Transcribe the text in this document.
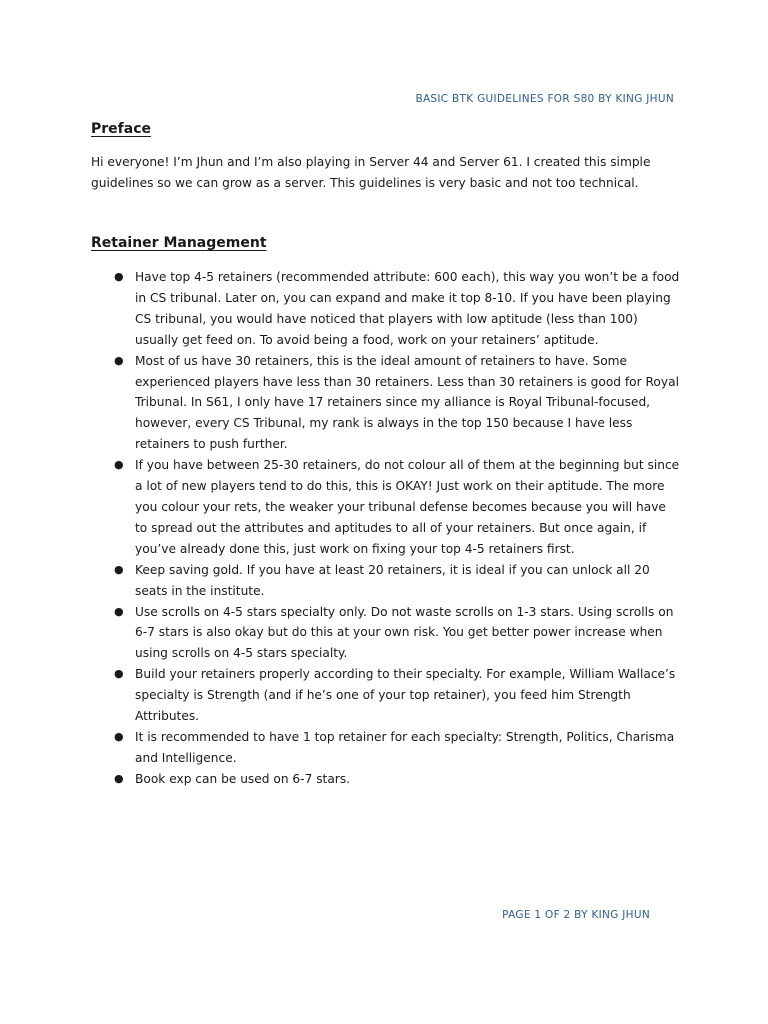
BASIC BTK GUIDELINES FOR S80 BY KING JHUN
Preface
Hi everyone! I’m Jhun and I’m also playing in Server 44 and Server 61. I created this simple guidelines so we can grow as a server. This guidelines is very basic and not too technical.
Retainer Management
● Have top 4-5 retainers (recommended attribute: 600 each), this way you won’t be a food in CS tribunal. Later on, you can expand and make it top 8-10. If you have been playing CS tribunal, you would have noticed that players with low aptitude (less than 100) usually get feed on. To avoid being a food, work on your retainers’ aptitude.
● Most of us have 30 retainers, this is the ideal amount of retainers to have. Some experienced players have less than 30 retainers. Less than 30 retainers is good for Royal Tribunal. In S61, I only have 17 retainers since my alliance is Royal Tribunal-focused, however, every CS Tribunal, my rank is always in the top 150 because I have less retainers to push further.
● If you have between 25-30 retainers, do not colour all of them at the beginning but since a lot of new players tend to do this, this is OKAY! Just work on their aptitude. The more you colour your rets, the weaker your tribunal defense becomes because you will have to spread out the attributes and aptitudes to all of your retainers. But once again, if you’ve already done this, just work on fixing your top 4-5 retainers first.
● Keep saving gold. If you have at least 20 retainers, it is ideal if you can unlock all 20 seats in the institute.
● Use scrolls on 4-5 stars specialty only. Do not waste scrolls on 1-3 stars. Using scrolls on 6-7 stars is also okay but do this at your own risk. You get better power increase when using scrolls on 4-5 stars specialty.
● Build your retainers properly according to their specialty. For example, William Wallace’s specialty is Strength (and if he’s one of your top retainer), you feed him Strength Attributes.
● It is recommended to have 1 top retainer for each specialty: Strength, Politics, Charisma and Intelligence.
● Book exp can be used on 6-7 stars.
PAGE 1 OF 2 BY KING JHUN
